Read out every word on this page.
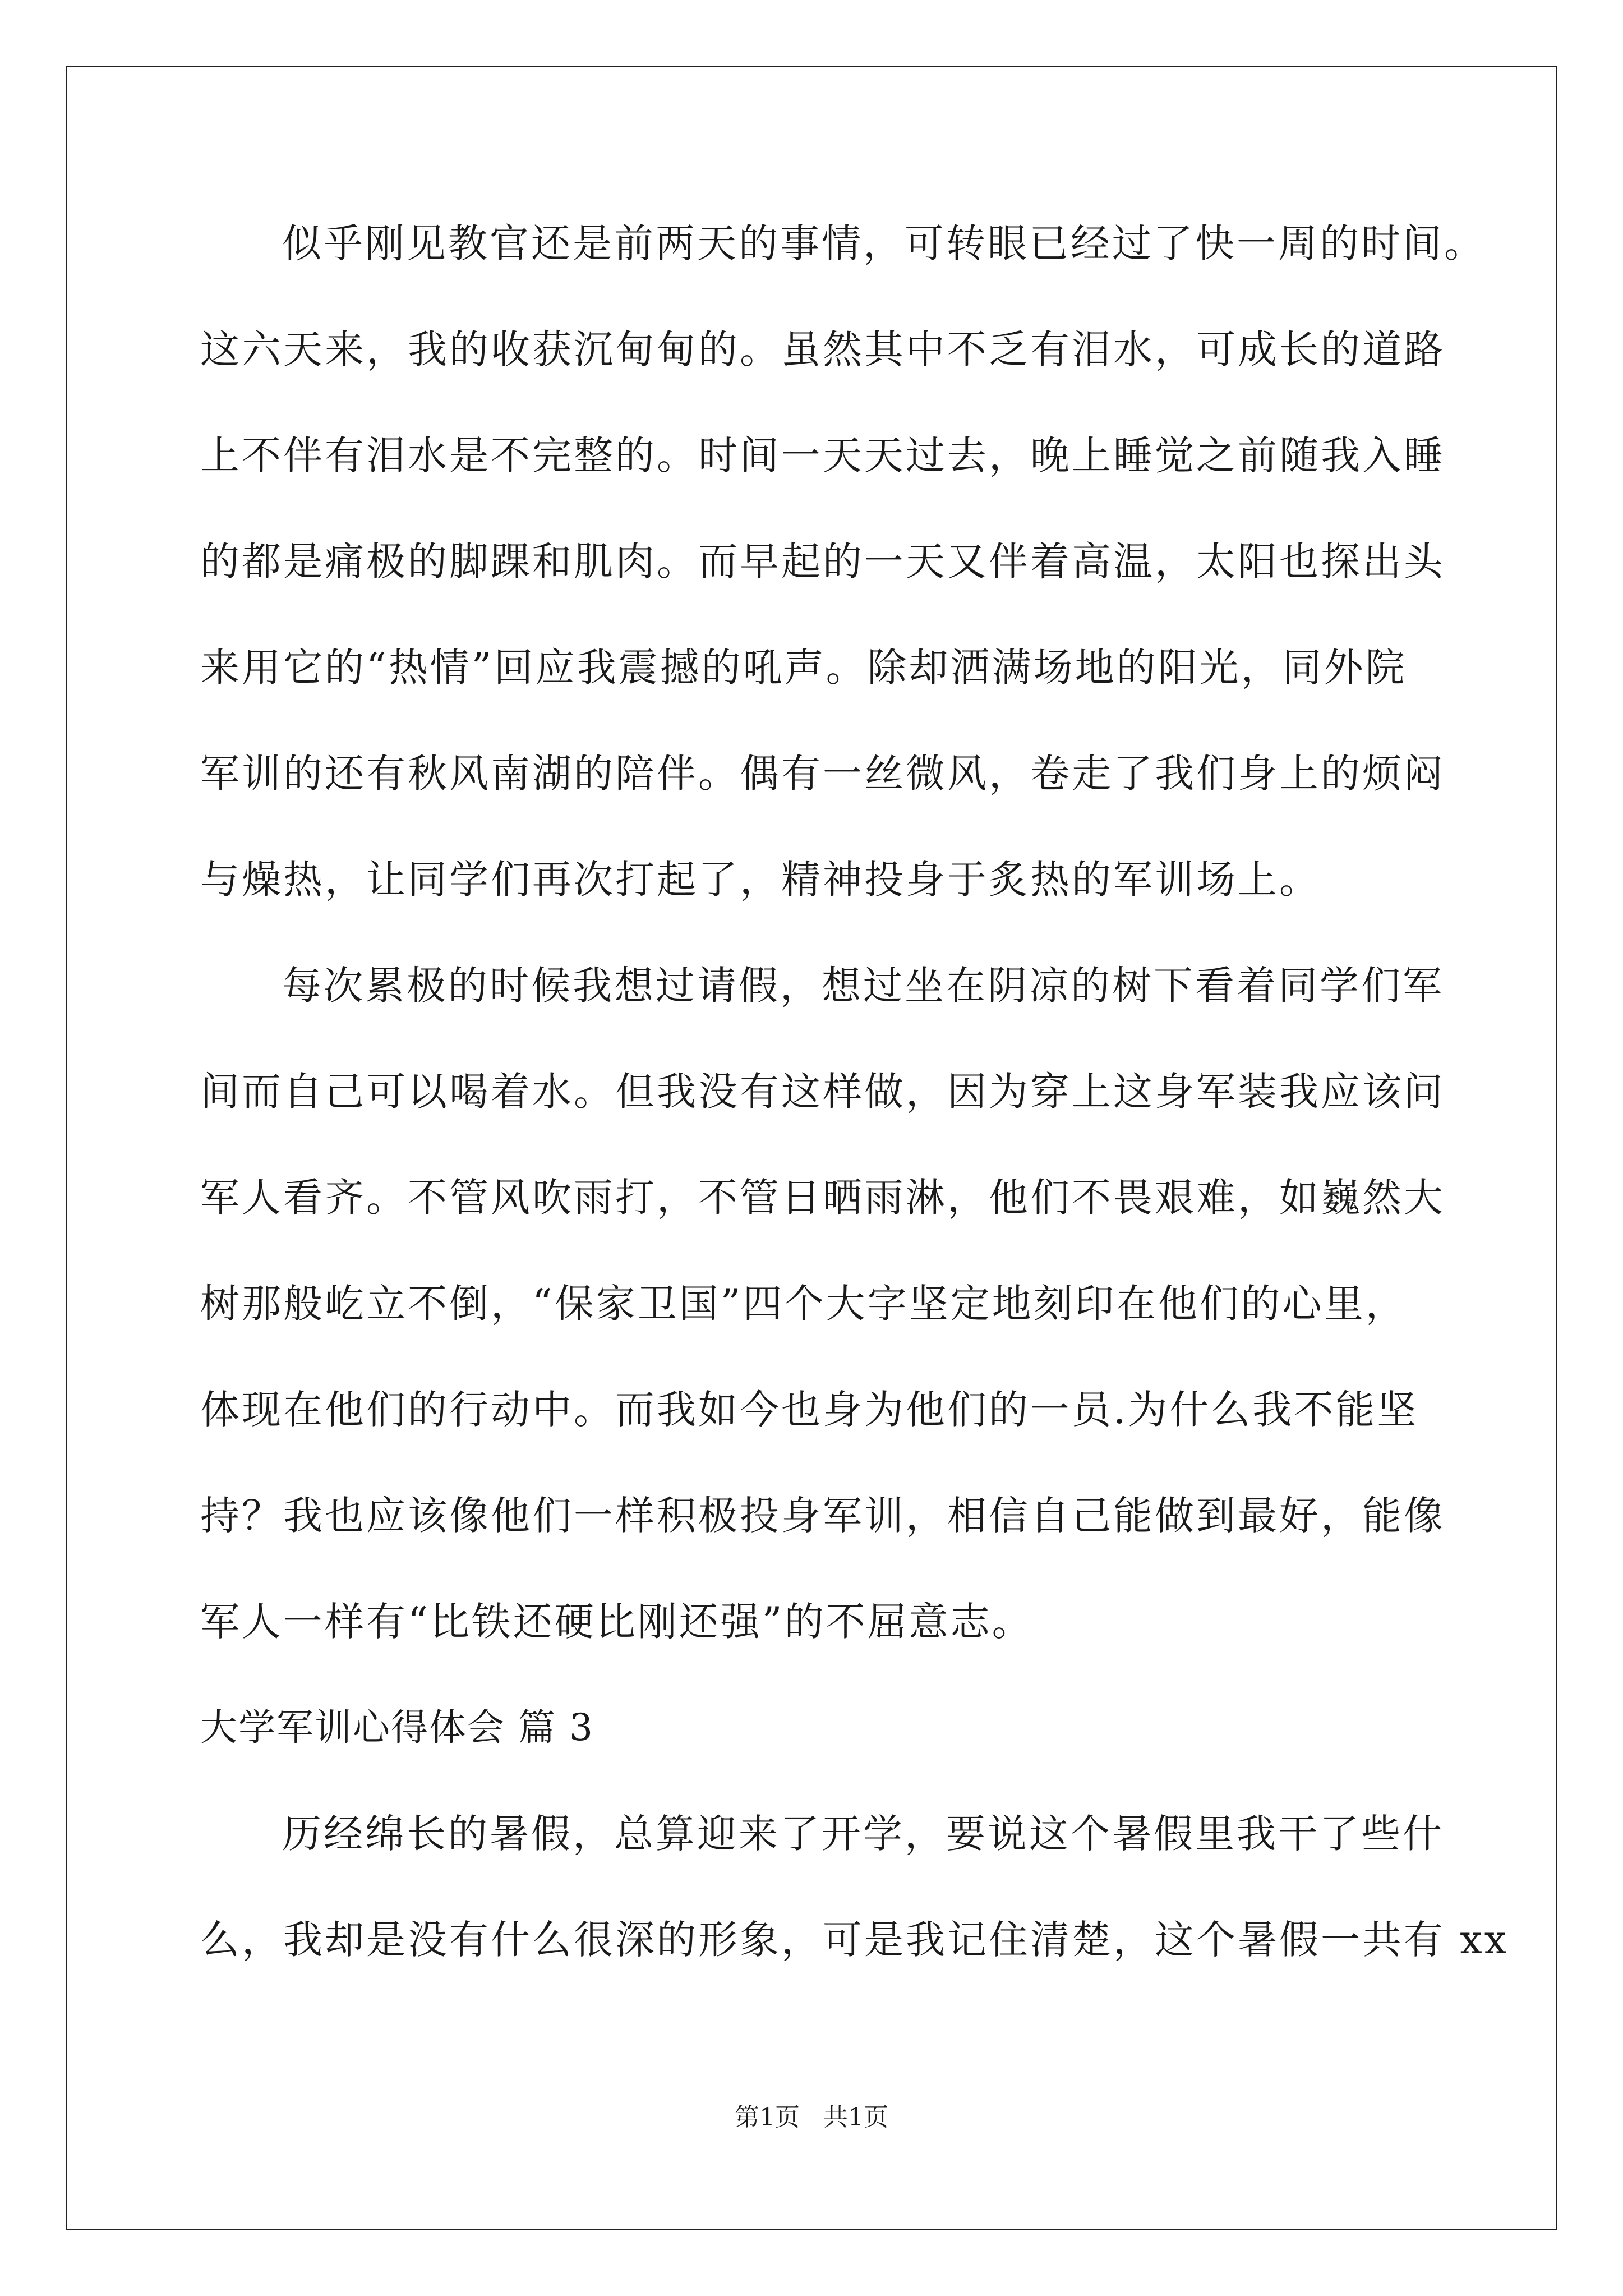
似乎刚见教官还是前两天的事情，可转眼已经过了快一周的时间。
这六天来，我的收获沉甸甸的。虽然其中不乏有泪水，可成长的道路
上不伴有泪水是不完整的。时间一天天过去，晚上睡觉之前随我入睡
的都是痛极的脚踝和肌肉。而早起的一天又伴着高温，太阳也探出头
来用它的“热情”回应我震撼的吼声。除却洒满场地的阳光，同外院
军训的还有秋风南湖的陪伴。偶有一丝微风，卷走了我们身上的烦闷
与燥热，让同学们再次打起了，精神投身于炙热的军训场上。
每次累极的时候我想过请假，想过坐在阴凉的树下看着同学们军
间而自己可以喝着水。但我没有这样做，因为穿上这身军装我应该问
军人看齐。不管风吹雨打，不管日晒雨淋，他们不畏艰难，如巍然大
树那般屹立不倒，“保家卫国”四个大字坚定地刻印在他们的心里，
体现在他们的行动中。而我如今也身为他们的一员.为什么我不能坚
持？我也应该像他们一样积极投身军训，相信自己能做到最好，能像
军人一样有“比铁还硬比刚还强”的不屈意志。
大学军训心得体会 篇 3
历经绵长的暑假，总算迎来了开学，要说这个暑假里我干了些什
么，我却是没有什么很深的形象，可是我记住清楚，这个暑假一共有 xx
第1页   共1页
